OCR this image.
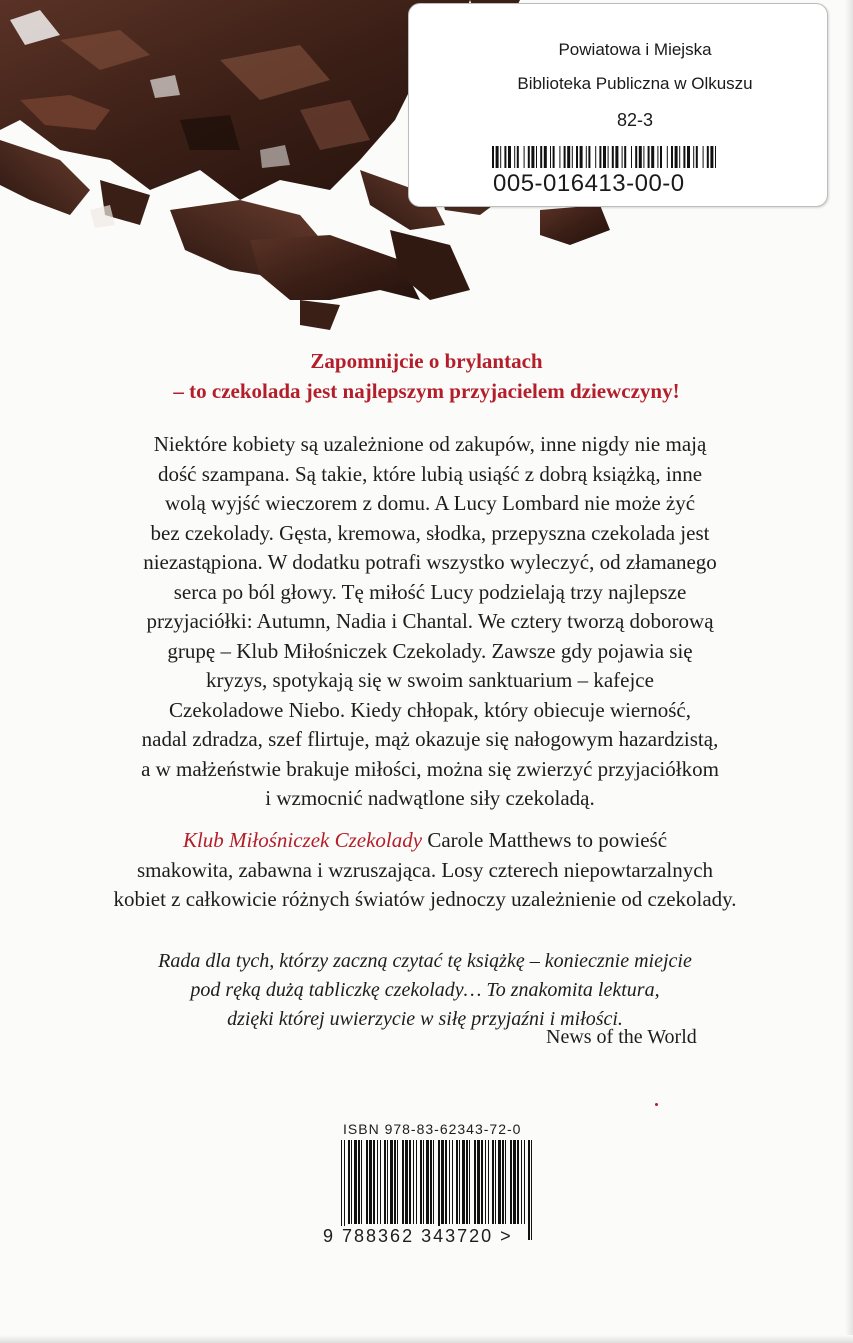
Powiatowa i Miejska
Biblioteka Publiczna w Olkuszu
82-3
005-016413-00-0
Zapomnijcie o brylantach
– to czekolada jest najlepszym przyjacielem dziewczyny!
Niektóre kobiety są uzależnione od zakupów, inne nigdy nie mają
dość szampana. Są takie, które lubią usiąść z dobrą książką, inne
wolą wyjść wieczorem z domu. A Lucy Lombard nie może żyć
bez czekolady. Gęsta, kremowa, słodka, przepyszna czekolada jest
niezastąpiona. W dodatku potrafi wszystko wyleczyć, od złamanego
serca po ból głowy. Tę miłość Lucy podzielają trzy najlepsze
przyjaciółki: Autumn, Nadia i Chantal. We cztery tworzą doborową
grupę – Klub Miłośniczek Czekolady. Zawsze gdy pojawia się
kryzys, spotykają się w swoim sanktuarium – kafejce
Czekoladowe Niebo. Kiedy chłopak, który obiecuje wierność,
nadal zdradza, szef flirtuje, mąż okazuje się nałogowym hazardzistą,
a w małżeństwie brakuje miłości, można się zwierzyć przyjaciółkom
i wzmocnić nadwątlone siły czekoladą.
Klub Miłośniczek Czekolady Carole Matthews to powieść
smakowita, zabawna i wzruszająca. Losy czterech niepowtarzalnych
kobiet z całkowicie różnych światów jednoczy uzależnienie od czekolady.
Rada dla tych, którzy zaczną czytać tę książkę – koniecznie miejcie
pod ręką dużą tabliczkę czekolady… To znakomita lektura,
dzięki której uwierzycie w siłę przyjaźni i miłości.
News of the World
ISBN 978-83-62343-72-0
9 788362 343720 >
